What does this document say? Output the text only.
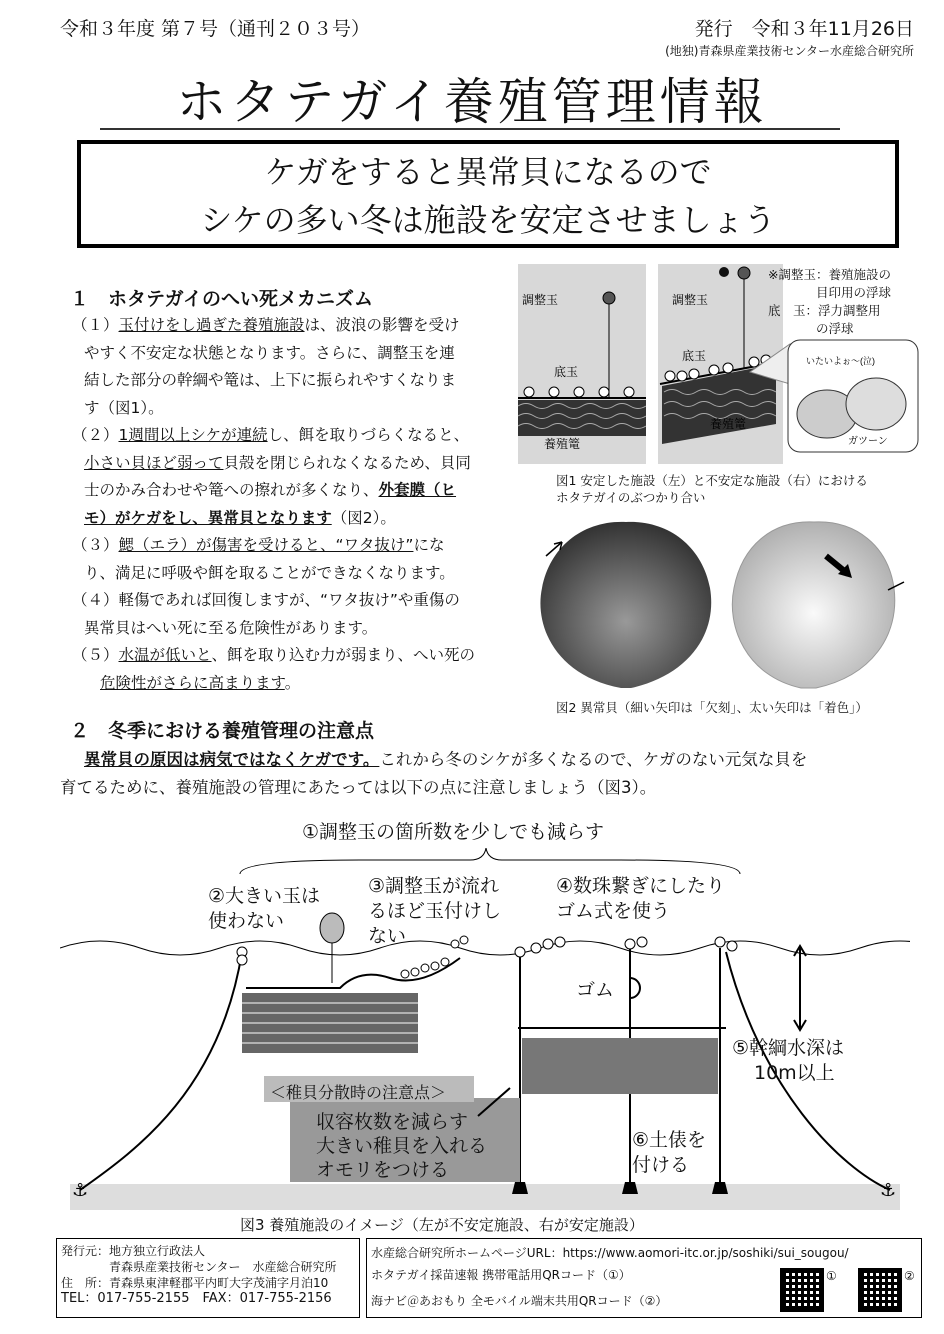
令和３年度 第７号（通刊２０３号）	発行　令和３年11月26日
(地独)青森県産業技術センター水産総合研究所
ホタテガイ養殖管理情報
ケガをすると異常貝になるので
シケの多い冬は施設を安定させましょう
１　ホタテガイのへい死メカニズム
（１）玉付けをし過ぎた養殖施設は、波浪の影響を受け
やすく不安定な状態となります。さらに、調整玉を連
結した部分の幹綱や篭は、上下に振られやすくなりま
す（図1）。
（２）1週間以上シケが連続し、餌を取りづらくなると、
小さい貝ほど弱って貝殻を閉じられなくなるため、貝同
士のかみ合わせや篭への擦れが多くなり、外套膜（ヒ
モ）がケガをし、異常貝となります（図2）。
（３）鰓（エラ）が傷害を受けると、“ワタ抜け”にな
り、満足に呼吸や餌を取ることができなくなります。
（４）軽傷であれば回復しますが、“ワタ抜け”や重傷の
異常貝はへい死に至る危険性があります。
（５）水温が低いと、餌を取り込む力が弱まり、へい死の
危険性がさらに高まります。
調整玉	調整玉
底玉
底玉
養殖篭
養殖篭
いたいよぉ～(泣)
ガツーン
※調整玉：養殖施設の
目印用の浮球
底　玉：浮力調整用
の浮球
図1 安定した施設（左）と不安定な施設（右）における
ホタテガイのぶつかり合い
図2 異常貝（細い矢印は「欠刻」、太い矢印は「着色」）
２　冬季における養殖管理の注意点
異常貝の原因は病気ではなくケガです。これから冬のシケが多くなるので、ケガのない元気な貝を
育てるために、養殖施設の管理にあたっては以下の点に注意しましょう（図3）。
⚓	⚓
①調整玉の箇所数を少しでも減らす
②大きい玉は
使わない
③調整玉が流れ
るほど玉付けし
ない
④数珠繋ぎにしたり
ゴム式を使う
ゴム
⑤幹綱水深は
10m以上
⑥土俵を
付ける
＜稚貝分散時の注意点＞
収容枚数を減らす
大きい稚貝を入れる
オモリをつける
図3 養殖施設のイメージ（左が不安定施設、右が安定施設）
発行元：地方独立行政法人
青森県産業技術センター　水産総合研究所
住　所：青森県東津軽郡平内町大字茂浦字月泊10
TEL：017-755-2155　FAX：017-755-2156
水産総合研究所ホームページURL：https://www.aomori-itc.or.jp/soshiki/sui_sougou/
ホタテガイ採苗速報 携帯電話用QRコード（①）
海ナビ＠あおもり 全モバイル端末共用QRコード（②）
①	②
